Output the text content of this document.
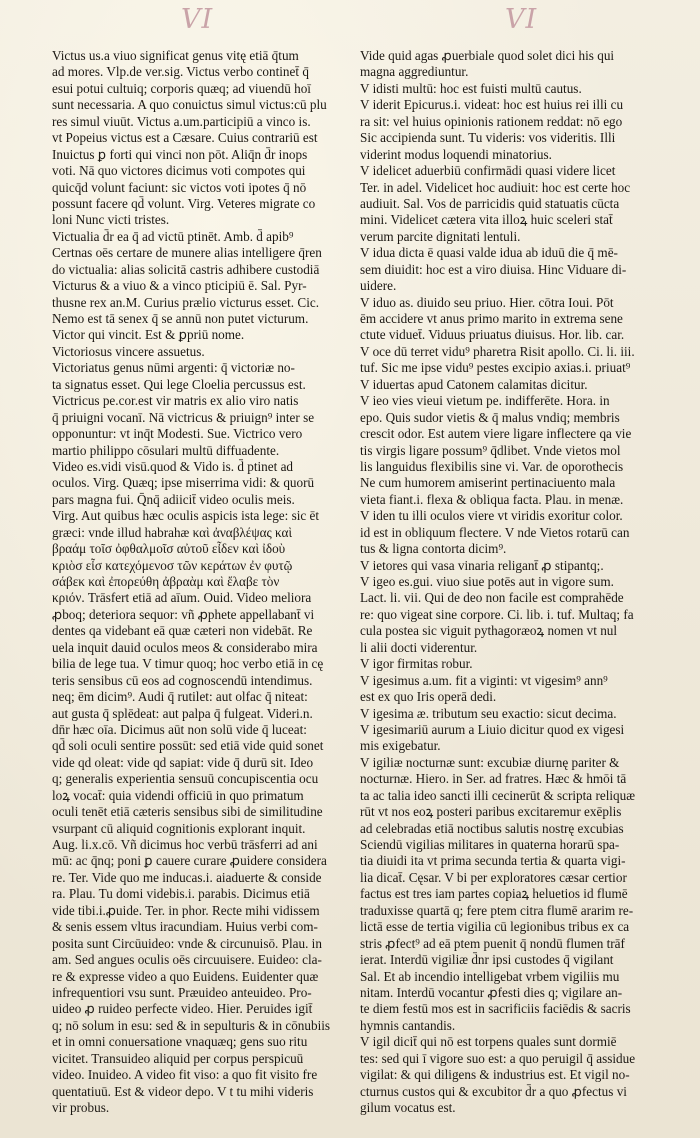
VI	VI
Victus us.a viuo significat genus vitę etiā q̄tum
ad mores. Vlp.de ver.sig. Victus verbo continet̄ q̄
esui potui cultuiq; corporis quæq; ad viuendū hoī
sunt necessaria. A quo conuictus simul victus:cū plu
res simul viuūt. Victus a.um.participiū a vinco is.
vt Popeius victus est a Cæsare. Cuius contrariū est
Inuictus ꝑ forti qui vinci non pōt. Aliq̄n d̄r inops
voti. Nā quo victores dicimus voti compotes qui
quicq̄d volunt faciunt: sic victos voti ipotes q̄ nō
possunt facere qd̄ volunt. Virg. Veteres migrate co
loni Nunc victi tristes.
Victualia d̄r ea q̄ ad victū ptinēt. Amb. d̄ apib⁹
Certnas oēs certare de munere alias intelligere q̄ren
do victualia: alias solicitā castris adhibere custodiā
Victurus & a viuo & a vinco pticipiū ē. Sal. Pyr-
thusne rex an.M. Curius prælio victurus esset. Cic.
Nemo est tā senex q̄ se annū non putet victurum.
Victor qui vincit. Est & ꝑpriū nome.
Victoriosus vincere assuetus.
Victoriatus genus nūmi argenti: q̄ victoriæ no-
ta signatus esset. Qui lege Cloelia percussus est.
Victricus pe.cor.est vir matris ex alio viro natis
q̄ priuigni vocanī. Nā victricus & priuign⁹ inter se
opponuntur: vt inq̄t Modesti. Sue. Victrico vero
martio philippo cōsulari multū diffuadente.
Video es.vidi visū.quod & Vido is. d̄ ptinet ad
oculos. Virg. Quæq; ipse miserrima vidi: & quorū
pars magna fui. Q̄nq̄ adiicit̄ video oculis meis.
Virg. Aut quibus hæc oculis aspicis ista lege: sic ēt
græci: vnde illud habrahæ καὶ ἀναβλέψας καὶ
βραάμ τοῖσ ὀφθαλμοῖσ αὐτοῦ εἶδεν καὶ ἰδοὺ
κριὸσ εἷσ κατεχόμενοσ τῶν κεράτων ἐν φυτῷ
σάβεκ καὶ ἐπορεύθη ἀβραὰμ καὶ ἔλαβε τὸν
κριόν. Trāsfert etiā ad aīum. Ouid. Video meliora
ꝓboq; deteriora sequor: vñ ꝓphete appellabant̄ vi
dentes qa videbant eā quæ cæteri non videbāt. Re
uela inquit dauid oculos meos & considerabo mira
bilia de lege tua. V timur quoq; hoc verbo etiā in cę
teris sensibus cū eos ad cognoscendū intendimus.
neq; ēm dicim⁹. Audi q̄ rutilet: aut olfac q̄ niteat:
aut gusta q̄ splēdeat: aut palpa q̄ fulgeat. Videri.n.
dn̄r hæc oīa. Dicimus aūt non solū vide q̄ luceat:
qd̄ soli oculi sentire possūt: sed etiā vide quid sonet
vide qd oleat: vide qd sapiat: vide q̄ durū sit. Ideo
q; generalis experientia sensuū concupiscentia ocu
loꝝ vocat̄: quia videndi officiū in quo primatum
oculi tenēt etiā cæteris sensibus sibi de similitudine
vsurpant cū aliquid cognitionis explorant inquit.
Aug. li.x.cō. Vñ dicimus hoc verbū trāsferri ad ani
mū: ac q̄nq; poni ꝑ cauere curare ꝓuidere considera
re. Ter. Vide quo me inducas.i. aiaduerte & conside
ra. Plau. Tu domi videbis.i. parabis. Dicimus etiā
vide tibi.i.ꝓuide. Ter. in phor. Recte mihi vidissem
& senis essem vltus iracundiam. Huius verbi com-
posita sunt Circūuideo: vnde & circunuisō. Plau. in
am. Sed angues oculis oēs circuuisere. Euideo: cla-
re & expresse video a quo Euidens. Euidenter quæ
infrequentiori vsu sunt. Præuideo anteuideo. Pro-
uideo ꝓ ruideo perfecte video. Hier. Peruides igit̄
q; nō solum in esu: sed & in sepulturis & in cōnubiis
et in omni conuersatione vnaquæq; gens suo ritu
vicitet. Transuideo aliquid per corpus perspicuū
video. Inuideo. A video fit viso: a quo fit visito fre
quentatiuū. Est & videor depo. V t tu mihi videris
vir probus.
Vide quid agas ꝓuerbiale quod solet dici his qui
magna aggrediuntur.
V idisti multū: hoc est fuisti multū cautus.
V iderit Epicurus.i. videat: hoc est huius rei illi cu
ra sit: vel huius opinionis rationem reddat: nō ego
Sic accipienda sunt. Tu videris: vos videritis. Illi
viderint modus loquendi minatorius.
V idelicet aduerbiū confirmādi quasi videre licet
Ter. in adel. Videlicet hoc audiuit: hoc est certe hoc
audiuit. Sal. Vos de parricidis quid statuatis cūcta
mini. Videlicet cætera vita illoꝝ huic sceleri stat̄
verum parcite dignitati lentuli.
V idua dicta ē quasi valde idua ab iduū die q̄ mē-
sem diuidit: hoc est a viro diuisa. Hinc Viduare di-
uidere.
V iduo as. diuido seu priuo. Hier. cōtra Ioui. Pōt
ēm accidere vt anus primo marito in extrema sene
ctute viduet̄. Viduus priuatus diuisus. Hor. lib. car.
V oce dū terret vidu⁹ pharetra Risit apollo. Ci. li. iii.
tuf. Sic me ipse vidu⁹ pestes excipio axias.i. priuat⁹
V iduertas apud Catonem calamitas dicitur.
V ieo vies vieui vietum pe. indifferēte. Hora. in
epo. Quis sudor vietis & q̄ malus vndiq; membris
crescit odor. Est autem viere ligare inflectere qa vie
tis virgis ligare possum⁹ q̄dlibet. Vnde vietos mol
lis languidus flexibilis sine vi. Var. de oporothecis
Ne cum humorem amiserint pertinaciuento mala
vieta fiant.i. flexa & obliqua facta. Plau. in menæ.
V iden tu illi oculos viere vt viridis exoritur color.
id est in obliquum flectere. V nde Vietos rotarū can
tus & ligna contorta dicim⁹.
V ietores qui vasa vinaria religant̄ ꝓ stipantq;.
V igeo es.gui. viuo siue potēs aut in vigore sum.
Lact. li. vii. Qui de deo non facile est comprahēde
re: quo vigeat sine corpore. Ci. lib. i. tuf. Multaq; fa
cula postea sic viguit pythagoræoꝝ nomen vt nul
li alii docti viderentur.
V igor firmitas robur.
V igesimus a.um. fit a viginti: vt vigesim⁹ ann⁹
est ex quo Iris operā dedi.
V igesima æ. tributum seu exactio: sicut decima.
V igesimariū aurum a Liuio dicitur quod ex vigesi
mis exigebatur.
V igiliæ nocturnæ sunt: excubiæ diurnę pariter &
nocturnæ. Hiero. in Ser. ad fratres. Hæc & hmōi tā
ta ac talia ideo sancti illi cecinerūt & scripta reliquæ
rūt vt nos eoꝝ posteri paribus excitaremur exēplis
ad celebradas etiā noctibus salutis nostrę excubias
Sciendū vigilias militares in quaterna horarū spa-
tia diuidi ita vt prima secunda tertia & quarta vigi-
lia dicat̄. Cęsar. V bi per exploratores cæsar certior
factus est tres iam partes copiaꝝ heluetios id flumē
traduxisse quartā q; fere ptem citra flumē ararim re-
lictā esse de tertia vigilia cū legionibus tribus ex ca
stris ꝓfect⁹ ad eā ptem puenit q̄ nondū flumen trāf
ierat. Interdū vigiliæ d̄nr ipsi custodes q̄ vigilant
Sal. Et ab incendio intelligebat vrbem vigiliis mu
nitam. Interdū vocantur ꝓfesti dies q; vigilare an-
te diem festū mos est in sacrificiis faciēdis & sacris
hymnis cantandis.
V igil dicit̄ qui nō est torpens quales sunt dormiē
tes: sed qui ī vigore suo est: a quo peruigil q̄ assidue
vigilat: & qui diligens & industrius est. Et vigil no-
cturnus custos qui & excubitor d̄r a quo ꝓfectus vi
gilum vocatus est.
